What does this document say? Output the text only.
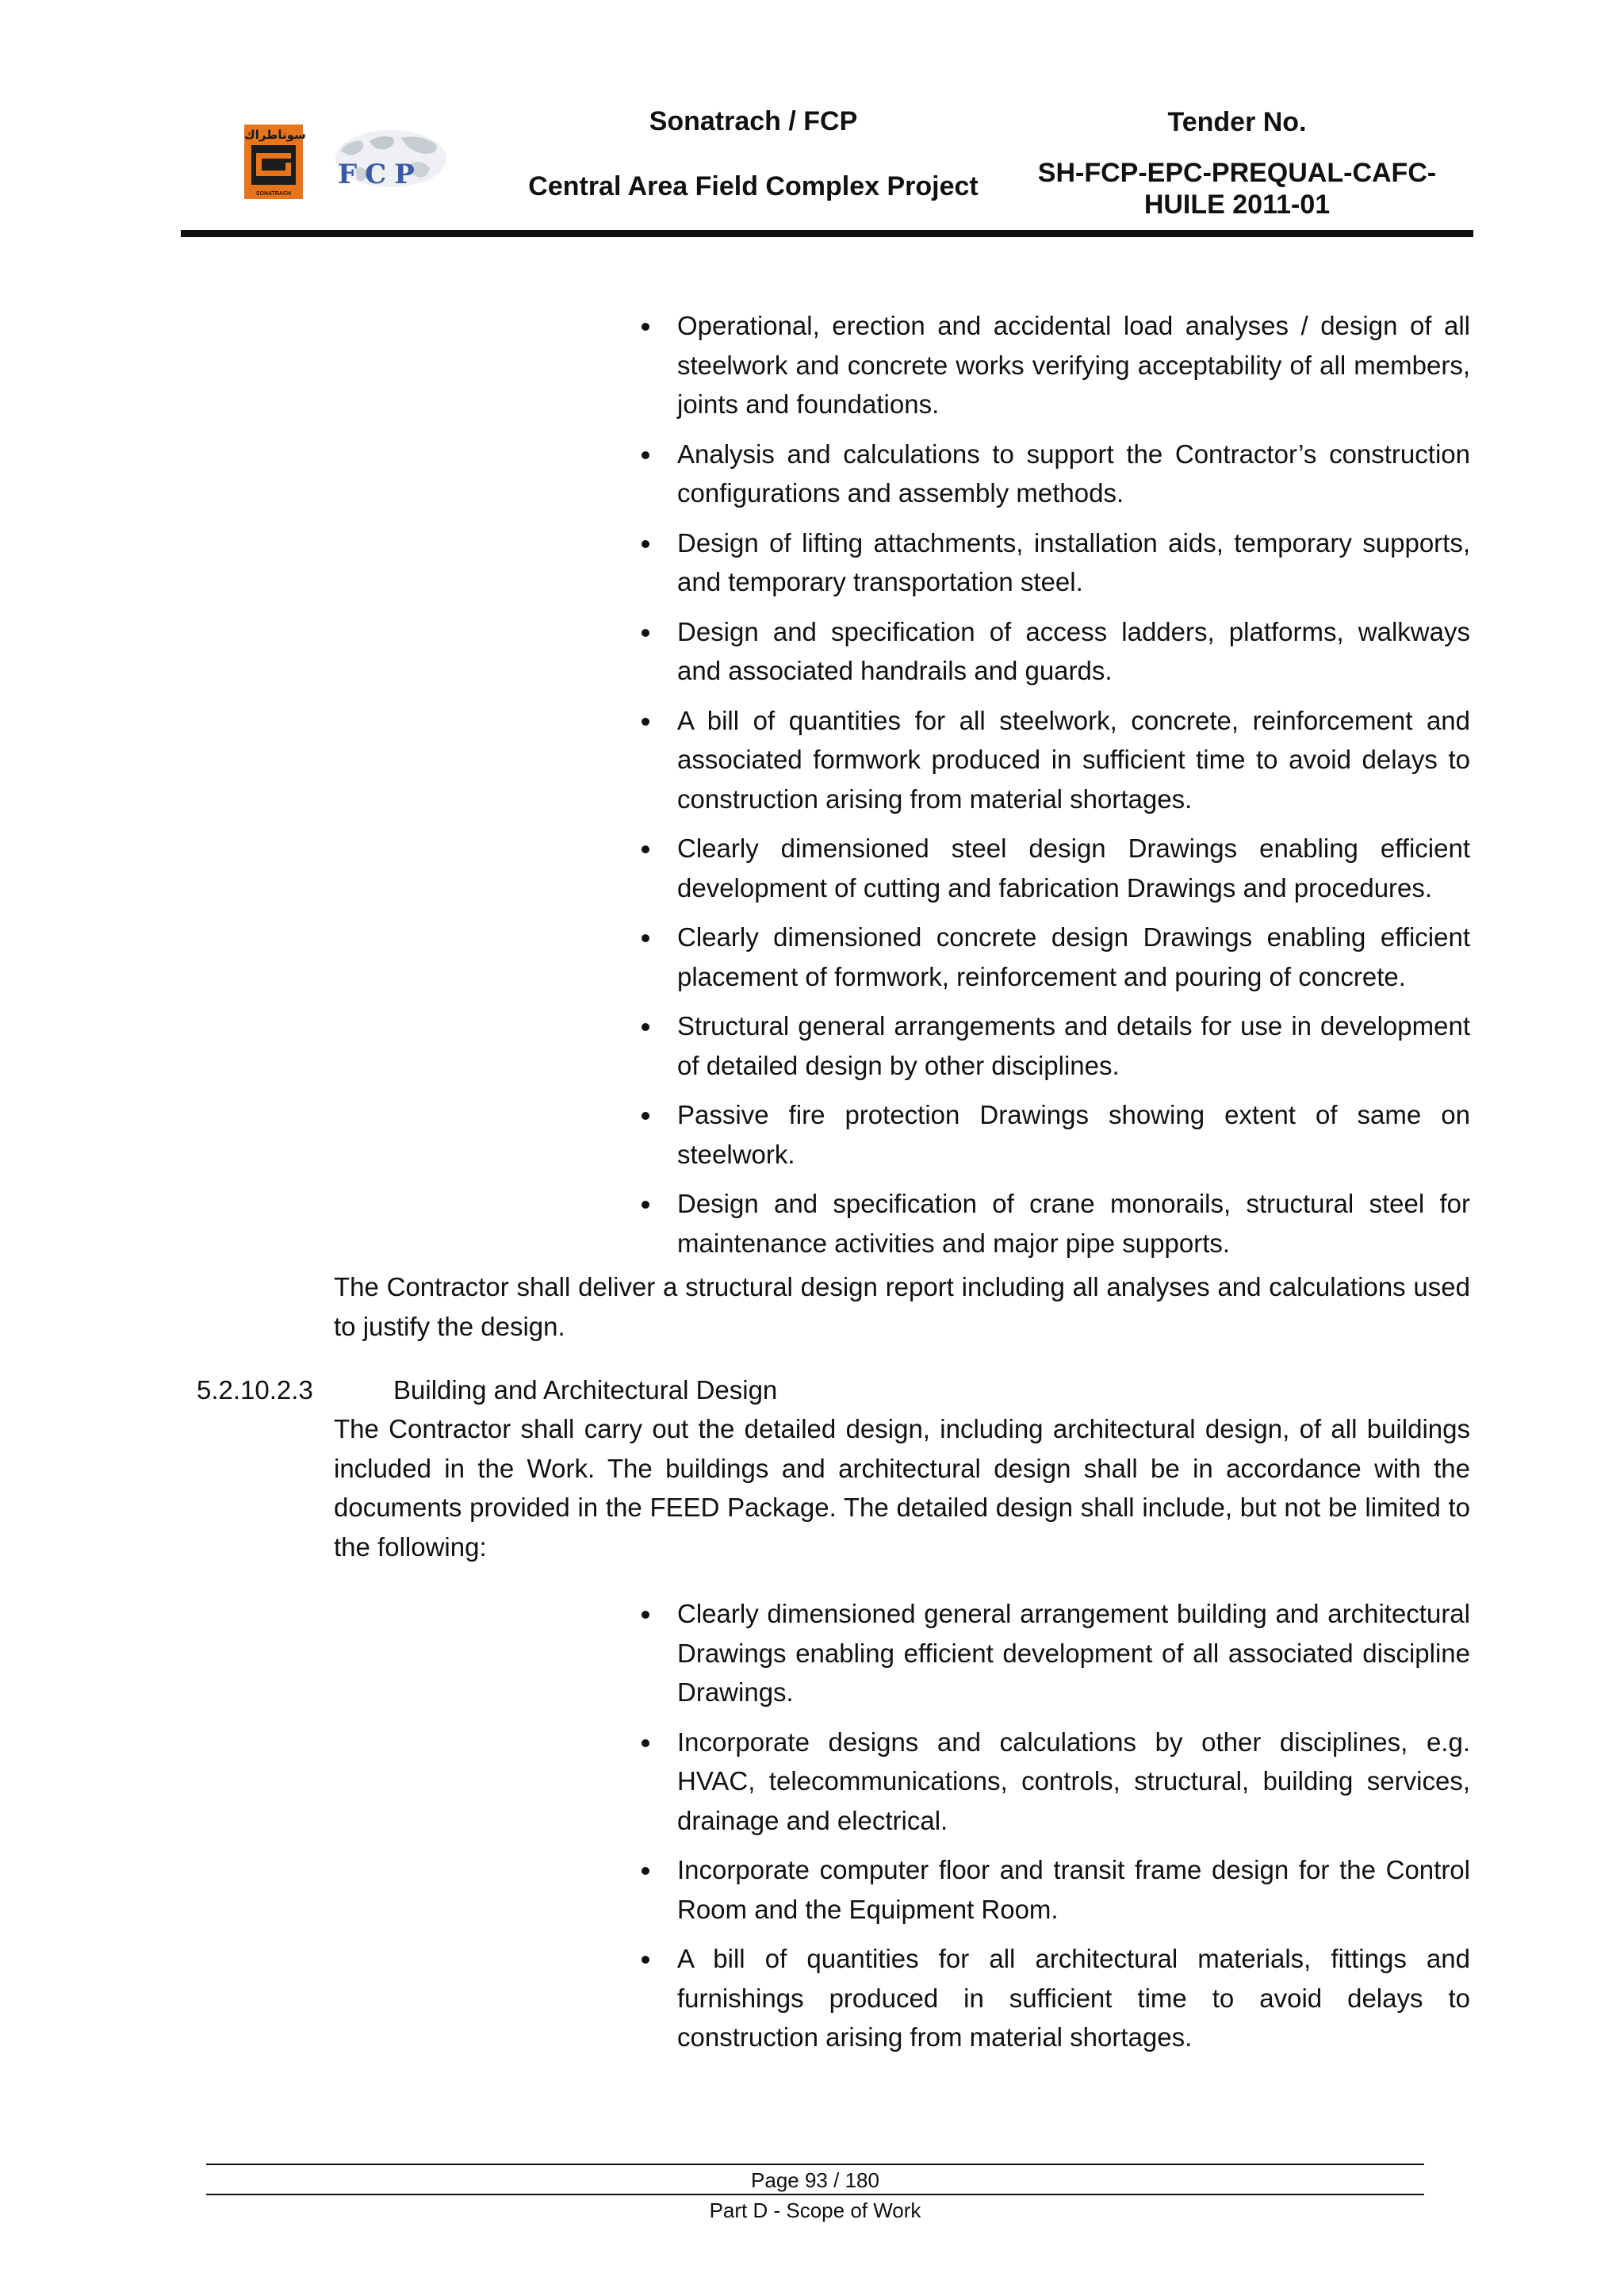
سوناطراك
SONATRACH
FCP
Sonatrach / FCP
Central Area Field Complex Project
Tender No.
SH-FCP-EPC-PREQUAL-CAFC-
HUILE 2011-01
Operational, erection and accidental load analyses / design of all steelwork and concrete works verifying acceptability of all members, joints and foundations.
Analysis and calculations to support the Contractor’s construction configurations and assembly methods.
Design of lifting attachments, installation aids, temporary supports, and temporary transportation steel.
Design and specification of access ladders, platforms, walkways and associated handrails and guards.
A bill of quantities for all steelwork, concrete, reinforcement and associated formwork produced in sufficient time to avoid delays to construction arising from material shortages.
Clearly dimensioned steel design Drawings enabling efficient development of cutting and fabrication Drawings and procedures.
Clearly dimensioned concrete design Drawings enabling efficient placement of formwork, reinforcement and pouring of concrete.
Structural general arrangements and details for use in development of detailed design by other disciplines.
Passive fire protection Drawings showing extent of same on steelwork.
Design and specification of crane monorails, structural steel for maintenance activities and major pipe supports.

The Contractor shall deliver a structural design report including all analyses and calculations used to justify the design.

5.2.10.2.3	Building and Architectural Design

The Contractor shall carry out the detailed design, including architectural design, of all buildings included in the Work. The buildings and architectural design shall be in accordance with the documents provided in the FEED Package. The detailed design shall include, but not be limited to the following:

Clearly dimensioned general arrangement building and architectural Drawings enabling efficient development of all associated discipline Drawings.
Incorporate designs and calculations by other disciplines, e.g. HVAC, telecommunications, controls, structural, building services, drainage and electrical.
Incorporate computer floor and transit frame design for the Control Room and the Equipment Room.
A bill of quantities for all architectural materials, fittings and furnishings produced in sufficient time to avoid delays to construction arising from material shortages.
Page 93 / 180
Part D - Scope of Work
